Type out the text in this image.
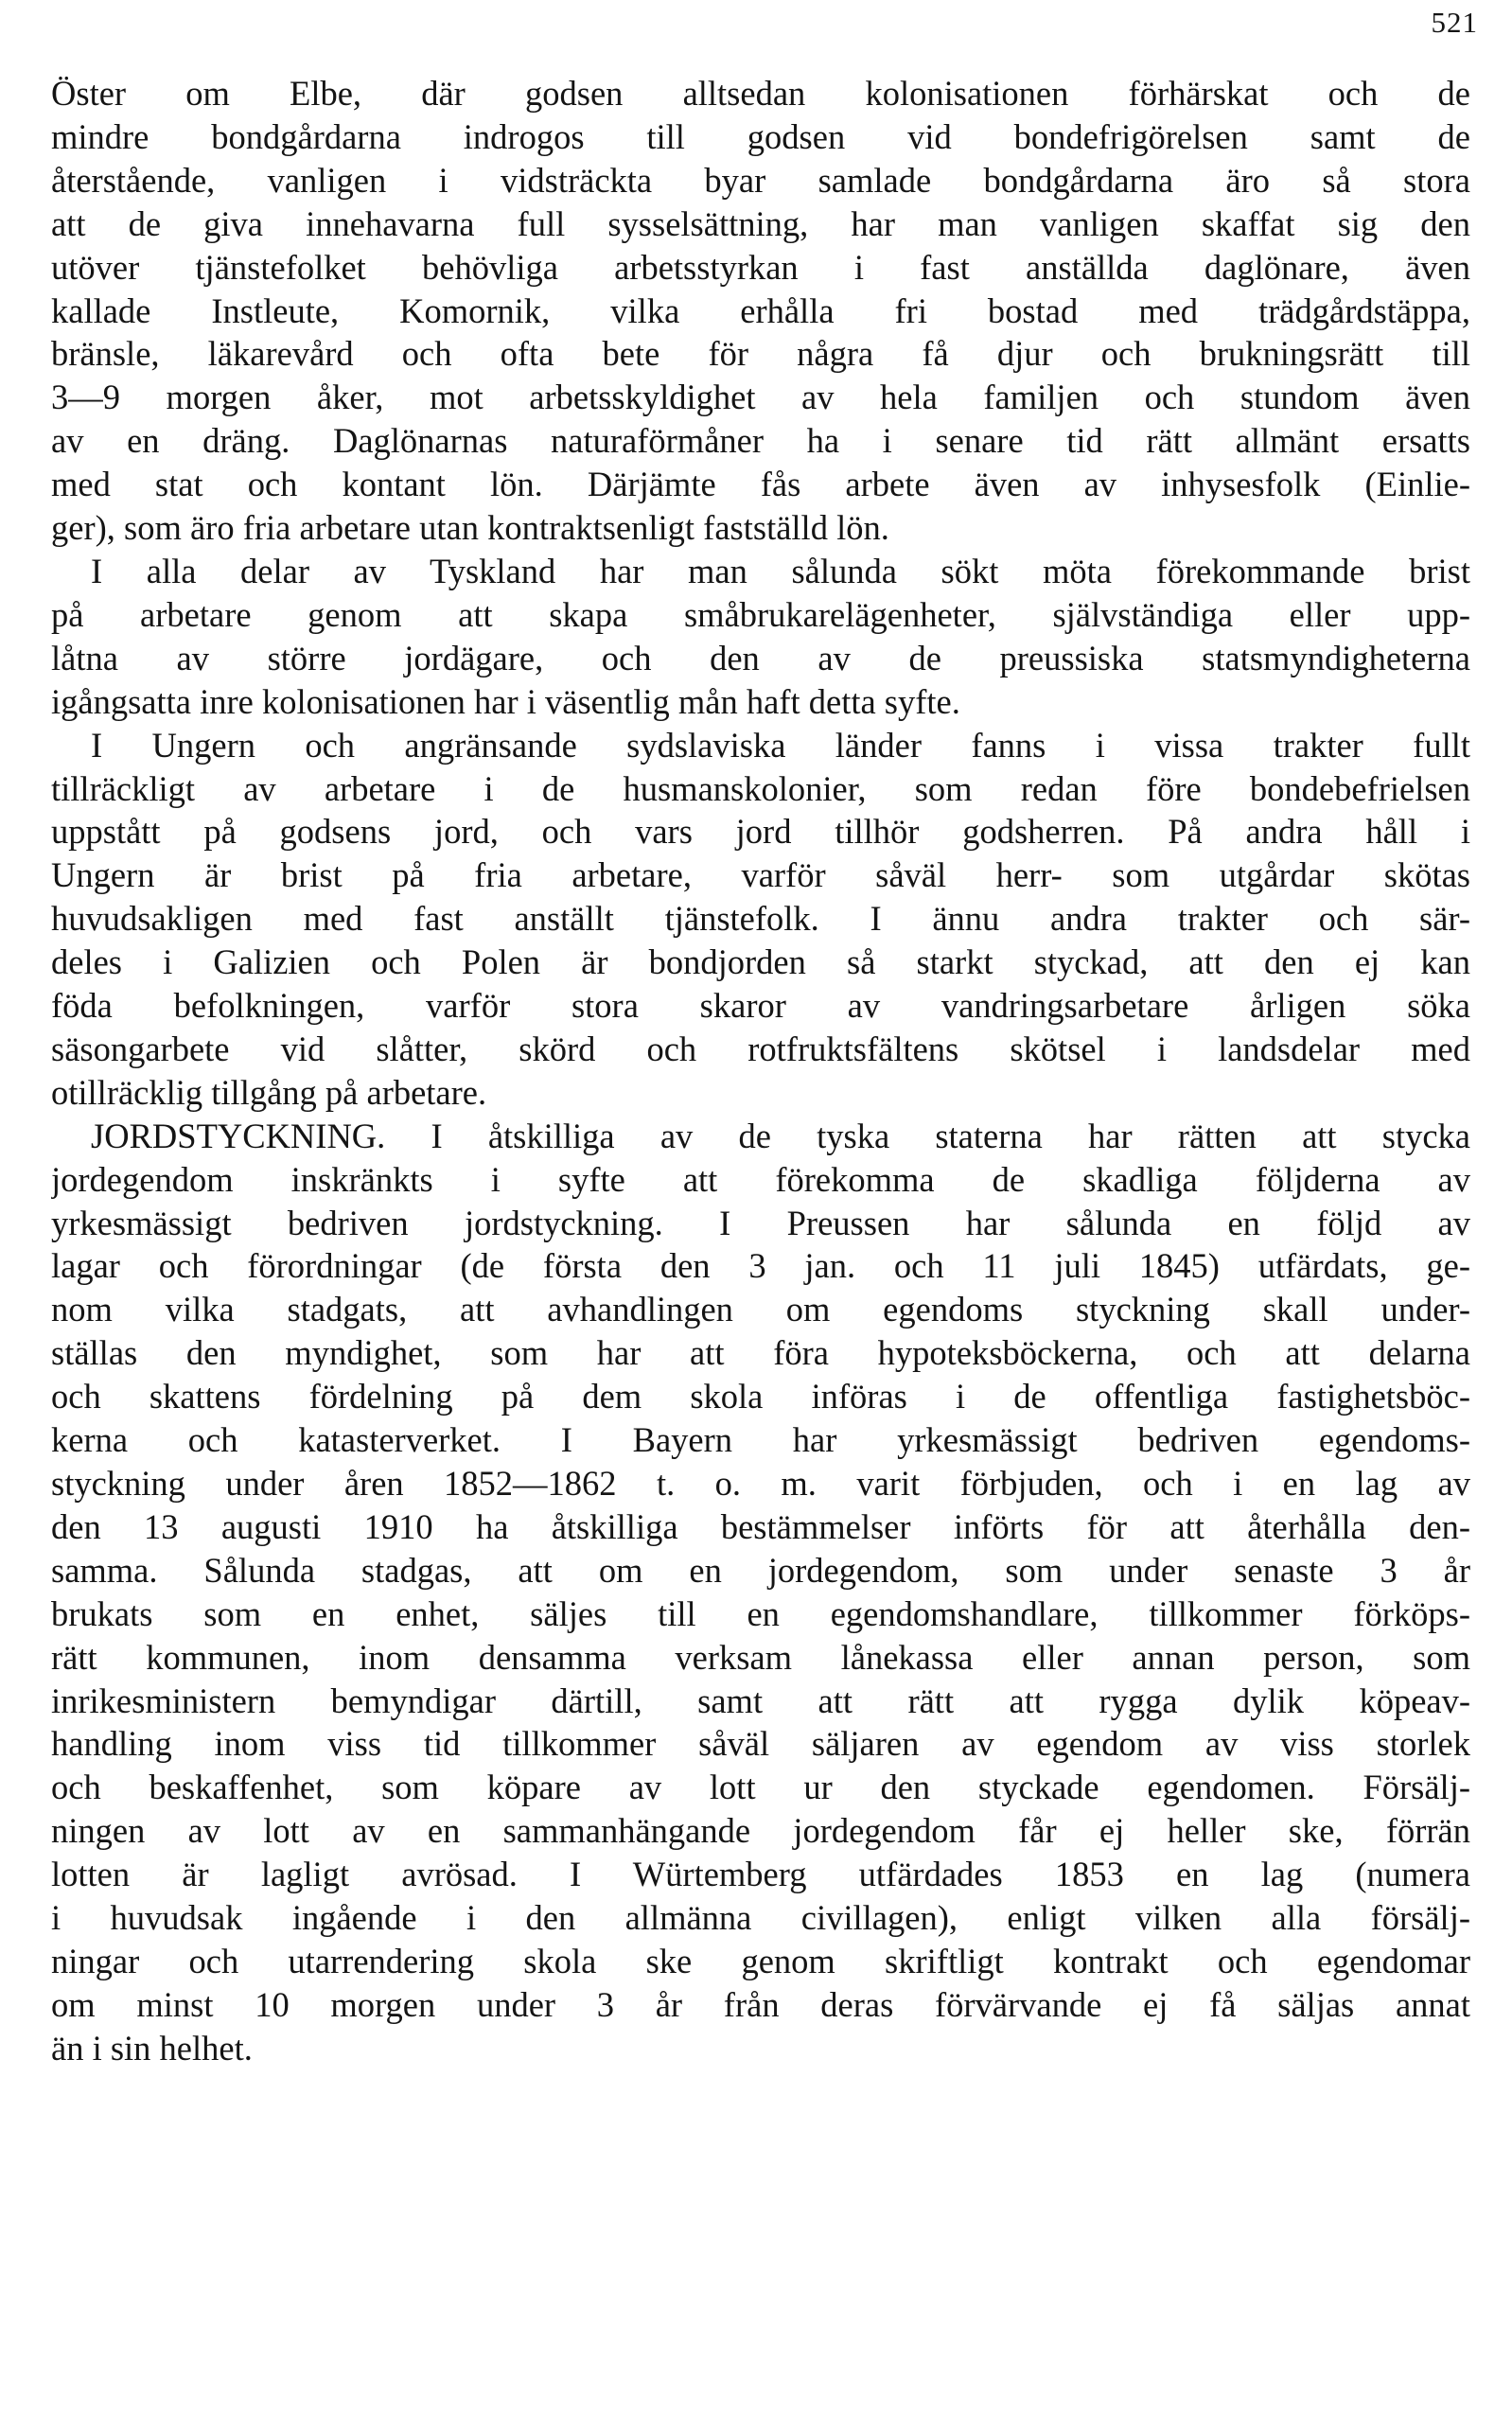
521
Öster om Elbe, där godsen alltsedan kolonisationen förhärskat och de
mindre bondgårdarna indrogos till godsen vid bondefrigörelsen samt de
återstående, vanligen i vidsträckta byar samlade bondgårdarna äro så stora
att de giva innehavarna full sysselsättning, har man vanligen skaffat sig den
utöver tjänstefolket behövliga arbetsstyrkan i fast anställda daglönare, även
kallade Instleute, Komornik, vilka erhålla fri bostad med trädgårdstäppa,
bränsle, läkarevård och ofta bete för några få djur och brukningsrätt till
3—9 morgen åker, mot arbetsskyldighet av hela familjen och stundom även
av en dräng. Daglönarnas naturaförmåner ha i senare tid rätt allmänt ersatts
med stat och kontant lön. Därjämte fås arbete även av inhysesfolk (Einlie-
ger), som äro fria arbetare utan kontraktsenligt fastställd lön.
I alla delar av Tyskland har man sålunda sökt möta förekommande brist
på arbetare genom att skapa småbrukarelägenheter, självständiga eller upp-
låtna av större jordägare, och den av de preussiska statsmyndigheterna
igångsatta inre kolonisationen har i väsentlig mån haft detta syfte.
I Ungern och angränsande sydslaviska länder fanns i vissa trakter fullt
tillräckligt av arbetare i de husmanskolonier, som redan före bondebefrielsen
uppstått på godsens jord, och vars jord tillhör godsherren. På andra håll i
Ungern är brist på fria arbetare, varför såväl herr- som utgårdar skötas
huvudsakligen med fast anställt tjänstefolk. I ännu andra trakter och sär-
deles i Galizien och Polen är bondjorden så starkt styckad, att den ej kan
föda befolkningen, varför stora skaror av vandringsarbetare årligen söka
säsongarbete vid slåtter, skörd och rotfruktsfältens skötsel i landsdelar med
otillräcklig tillgång på arbetare.
JORDSTYCKNING. I åtskilliga av de tyska staterna har rätten att stycka
jordegendom inskränkts i syfte att förekomma de skadliga följderna av
yrkesmässigt bedriven jordstyckning. I Preussen har sålunda en följd av
lagar och förordningar (de första den 3 jan. och 11 juli 1845) utfärdats, ge-
nom vilka stadgats, att avhandlingen om egendoms styckning skall under-
ställas den myndighet, som har att föra hypoteksböckerna, och att delarna
och skattens fördelning på dem skola införas i de offentliga fastighetsböc-
kerna och katasterverket. I Bayern har yrkesmässigt bedriven egendoms-
styckning under åren 1852—1862 t. o. m. varit förbjuden, och i en lag av
den 13 augusti 1910 ha åtskilliga bestämmelser införts för att återhålla den-
samma. Sålunda stadgas, att om en jordegendom, som under senaste 3 år
brukats som en enhet, säljes till en egendomshandlare, tillkommer förköps-
rätt kommunen, inom densamma verksam lånekassa eller annan person, som
inrikesministern bemyndigar därtill, samt att rätt att rygga dylik köpeav-
handling inom viss tid tillkommer såväl säljaren av egendom av viss storlek
och beskaffenhet, som köpare av lott ur den styckade egendomen. Försälj-
ningen av lott av en sammanhängande jordegendom får ej heller ske, förrän
lotten är lagligt avrösad. I Würtemberg utfärdades 1853 en lag (numera
i huvudsak ingående i den allmänna civillagen), enligt vilken alla försälj-
ningar och utarrendering skola ske genom skriftligt kontrakt och egendomar
om minst 10 morgen under 3 år från deras förvärvande ej få säljas annat
än i sin helhet.
